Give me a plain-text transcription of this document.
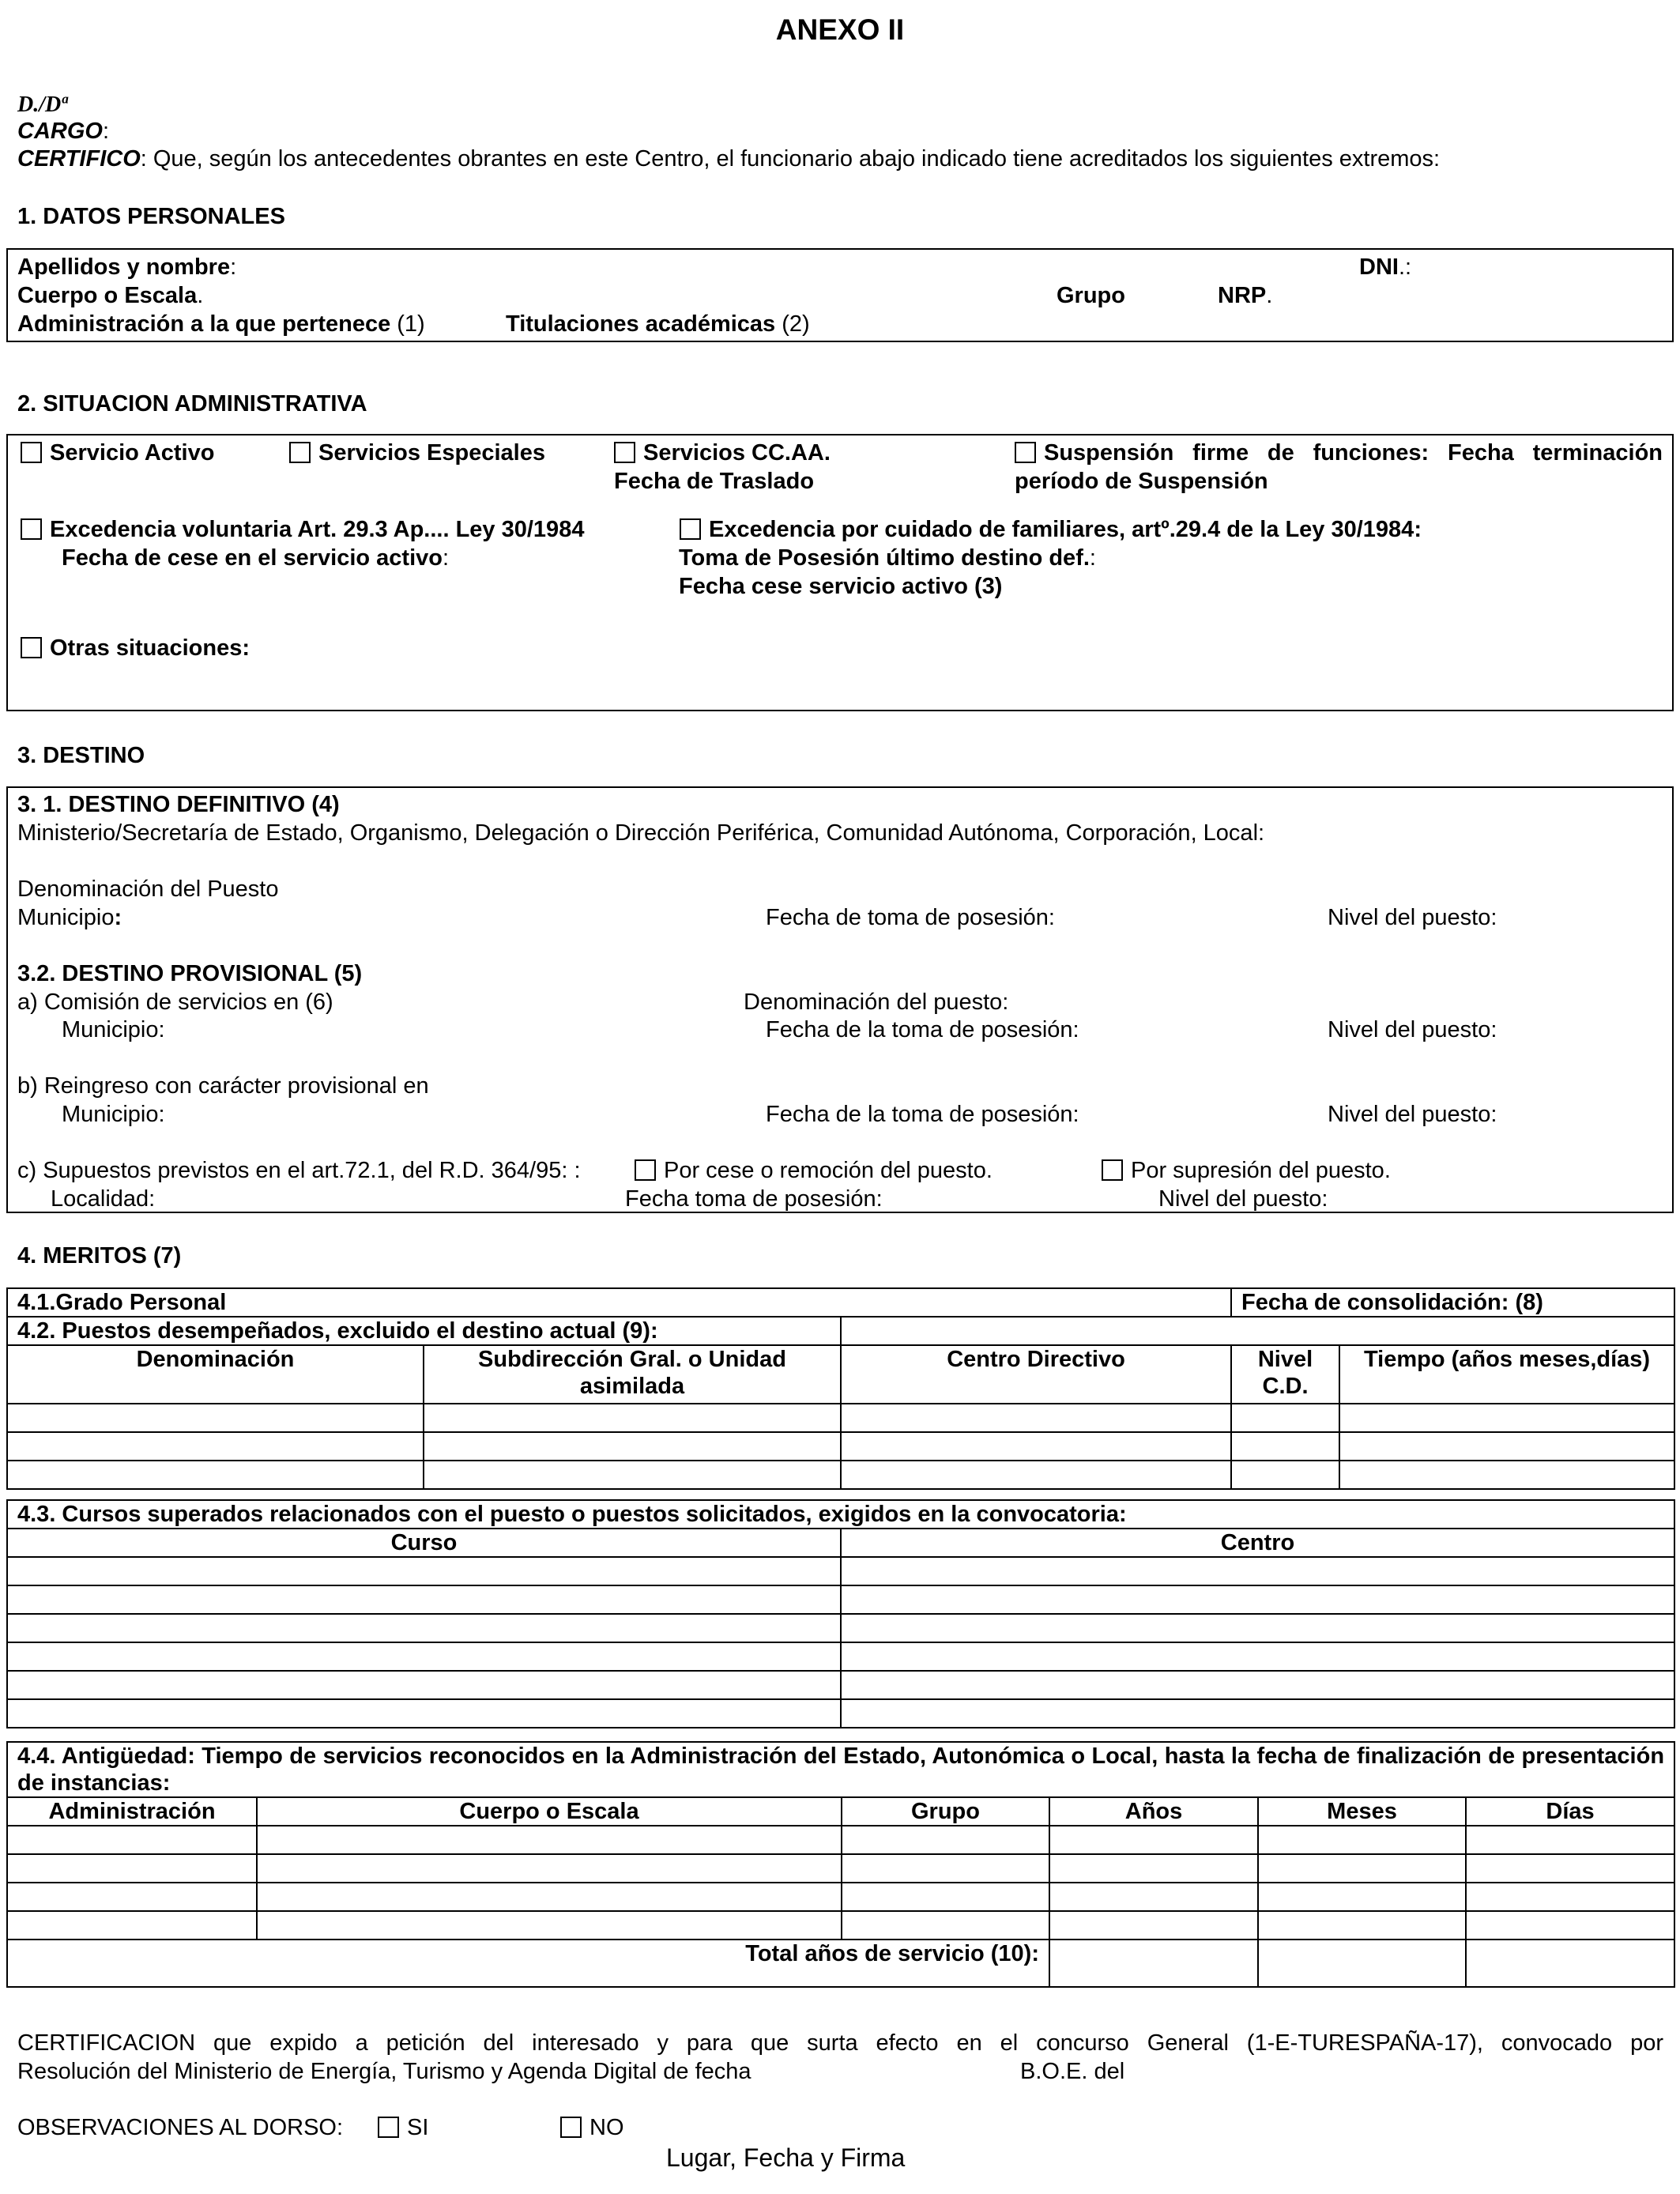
ANEXO II
D./Dª
CARGO:
CERTIFICO: Que, según los antecedentes obrantes en este Centro, el funcionario abajo indicado tiene acreditados los siguientes extremos:
1. DATOS PERSONALES
Apellidos y nombre:	DNI.:
Cuerpo o Escala.	Grupo	NRP.
Administración a la que pertenece (1)	Titulaciones académicas (2)
2. SITUACION ADMINISTRATIVA
Servicio Activo	Servicios Especiales	Servicios CC.AA.
Fecha de Traslado
Suspensión firme de funciones: Fecha terminación
período de Suspensión
Excedencia voluntaria Art. 29.3 Ap.... Ley 30/1984
Fecha de cese en el servicio activo:
Excedencia por cuidado de familiares, artº.29.4 de la Ley 30/1984:
Toma de Posesión último destino def.:
Fecha cese servicio activo (3)
Otras situaciones:
3. DESTINO
3. 1. DESTINO DEFINITIVO (4)
Ministerio/Secretaría de Estado, Organismo, Delegación o Dirección Periférica, Comunidad Autónoma, Corporación, Local:
Denominación del Puesto
Municipio:	Fecha de toma de posesión:	Nivel del puesto:
3.2. DESTINO PROVISIONAL (5)
a) Comisión de servicios en (6)	Denominación del puesto:
Municipio:	Fecha de la toma de posesión:	Nivel del puesto:
b) Reingreso con carácter provisional en
Municipio:	Fecha de la toma de posesión:	Nivel del puesto:
c) Supuestos previstos en el art.72.1, del R.D. 364/95: :	Por cese o remoción del puesto.	Por supresión del puesto.
Localidad:	Fecha toma de posesión:	Nivel del puesto:
4. MERITOS (7)
4.1.Grado Personal			Fecha de consolidación: (8)	
4.2. Puestos desempeñados, excluido el destino actual (9):				
Denominación	Subdirección Gral. o Unidad asimilada	Centro Directivo	Nivel C.D.	Tiempo (años meses,días)

4.3. Cursos superados relacionados con el puesto o puestos solicitados, exigidos en la convocatoria:	
Curso	Centro

4.4. Antigüedad: Tiempo de servicios reconocidos en la Administración del Estado, Autonómica o Local, hasta la fecha de finalización de presentación de instancias:					
Administración	Cuerpo o Escala	Grupo	Años	Meses	Días

Total años de servicio (10):					
CERTIFICACION que expido a petición del interesado y para que surta efecto en el concurso General (1-E-TURESPAÑA-17), convocado por
Resolución del Ministerio de Energía, Turismo y Agenda Digital de fecha	B.O.E. del
OBSERVACIONES AL DORSO:	SI	NO
Lugar, Fecha y Firma
